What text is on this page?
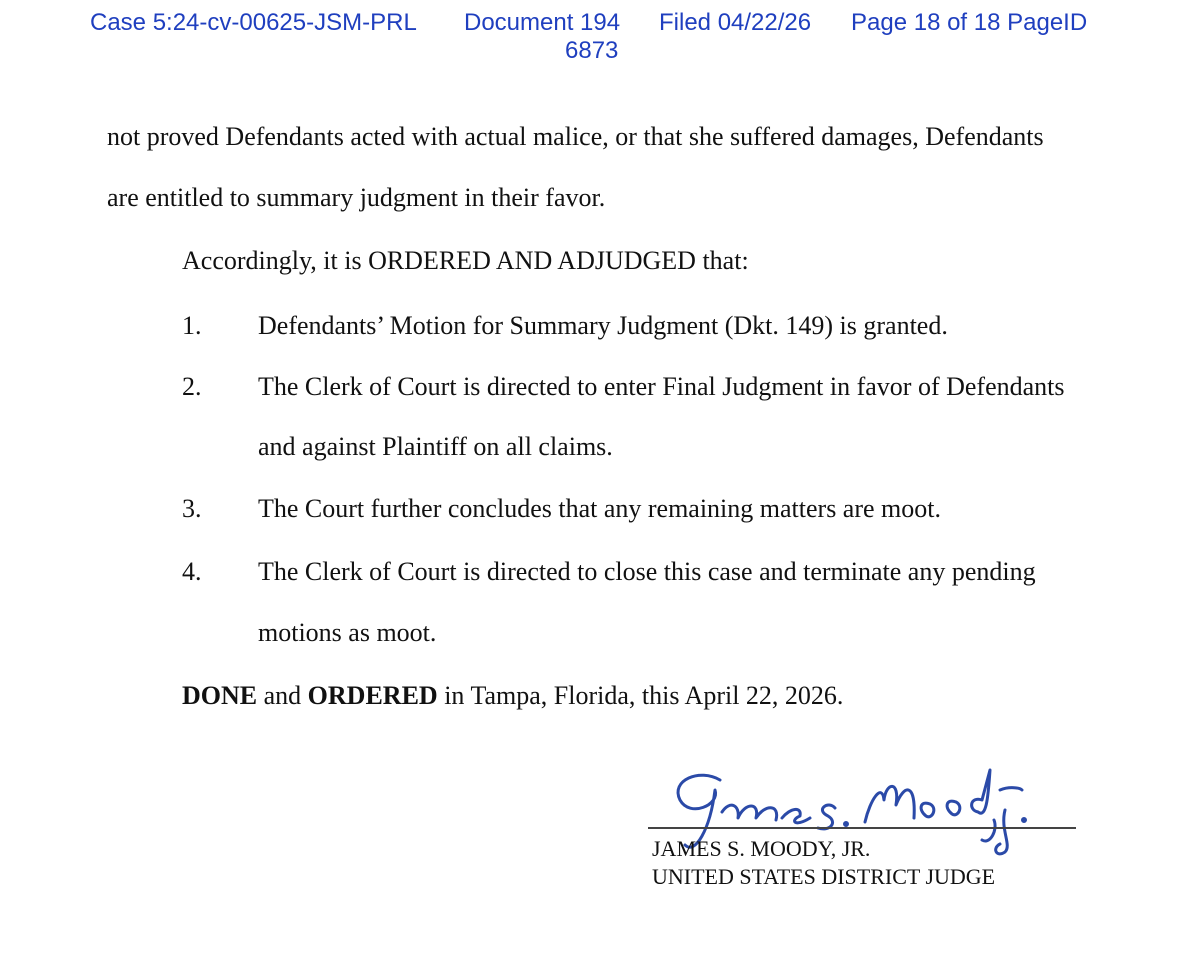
Case 5:24-cv-00625-JSM-PRL Document 194
6873
Filed 04/22/26 Page 18 of 18 PageID
not proved Defendants acted with actual malice, or that she suffered damages, Defendants
are entitled to summary judgment in their favor.
Accordingly, it is ORDERED AND ADJUDGED that:
1. Defendants’ Motion for Summary Judgment (Dkt. 149) is granted.
2. The Clerk of Court is directed to enter Final Judgment in favor of Defendants
and against Plaintiff on all claims.
3. The Court further concludes that any remaining matters are moot.
4. The Clerk of Court is directed to close this case and terminate any pending
motions as moot.
DONE and ORDERED in Tampa, Florida, this April 22, 2026.
JAMES S. MOODY, JR.
UNITED STATES DISTRICT JUDGE
